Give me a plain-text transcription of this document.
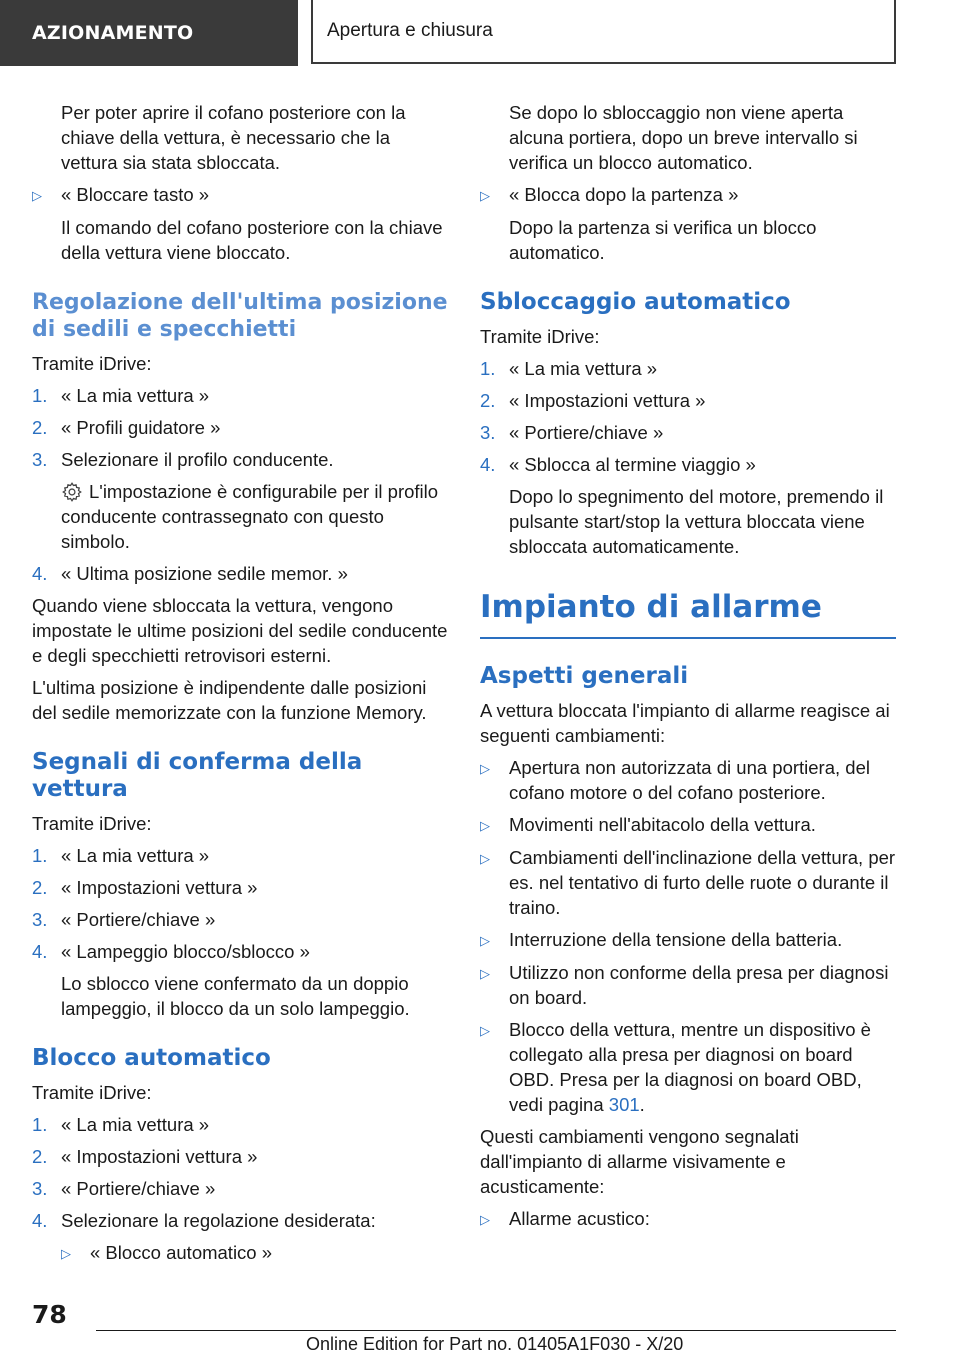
AZIONAMENTO	Apertura e chiusura
Per poter aprire il cofano posteriore con la chiave della vettura, è necessario che la vettura sia stata sbloccata.
▷	« Bloccare tasto »
Il comando del cofano posteriore con la chiave della vettura viene bloccato.
Regolazione dell'ultima posizione di sedili e specchietti
Tramite iDrive:
1. « La mia vettura »
2. « Profili guidatore »
3. Selezionare il profilo conducente.
L'impostazione è configurabile per il profilo conducente contrassegnato con questo simbolo.
4. « Ultima posizione sedile memor. »
Quando viene sbloccata la vettura, vengono impostate le ultime posizioni del sedile conducente e degli specchietti retrovisori esterni.
L'ultima posizione è indipendente dalle posizioni del sedile memorizzate con la funzione Memory.
Segnali di conferma della vettura
Tramite iDrive:
1. « La mia vettura »
2. « Impostazioni vettura »
3. « Portiere/chiave »
4. « Lampeggio blocco/sblocco »
Lo sblocco viene confermato da un doppio lampeggio, il blocco da un solo lampeggio.
Blocco automatico
Tramite iDrive:
1. « La mia vettura »
2. « Impostazioni vettura »
3. « Portiere/chiave »
4. Selezionare la regolazione desiderata:
▷	« Blocco automatico »
Se dopo lo sbloccaggio non viene aperta alcuna portiera, dopo un breve intervallo si verifica un blocco automatico.
▷	« Blocca dopo la partenza »
Dopo la partenza si verifica un blocco automatico.
Sbloccaggio automatico
Tramite iDrive:
1. « La mia vettura »
2. « Impostazioni vettura »
3. « Portiere/chiave »
4. « Sblocca al termine viaggio »
Dopo lo spegnimento del motore, premendo il pulsante start/stop la vettura bloccata viene sbloccata automaticamente.
Impianto di allarme
Aspetti generali
A vettura bloccata l'impianto di allarme reagisce ai seguenti cambiamenti:
▷	Apertura non autorizzata di una portiera, del cofano motore o del cofano posteriore.
▷	Movimenti nell'abitacolo della vettura.
▷	Cambiamenti dell'inclinazione della vettura, per es. nel tentativo di furto delle ruote o durante il traino.
▷	Interruzione della tensione della batteria.
▷	Utilizzo non conforme della presa per diagnosi on board.
▷	Blocco della vettura, mentre un dispositivo è collegato alla presa per diagnosi on board OBD. Presa per la diagnosi on board OBD, vedi pagina 301.
Questi cambiamenti vengono segnalati dall'impianto di allarme visivamente e acusticamente:
▷	Allarme acustico:
78
Online Edition for Part no. 01405A1F030 - X/20
